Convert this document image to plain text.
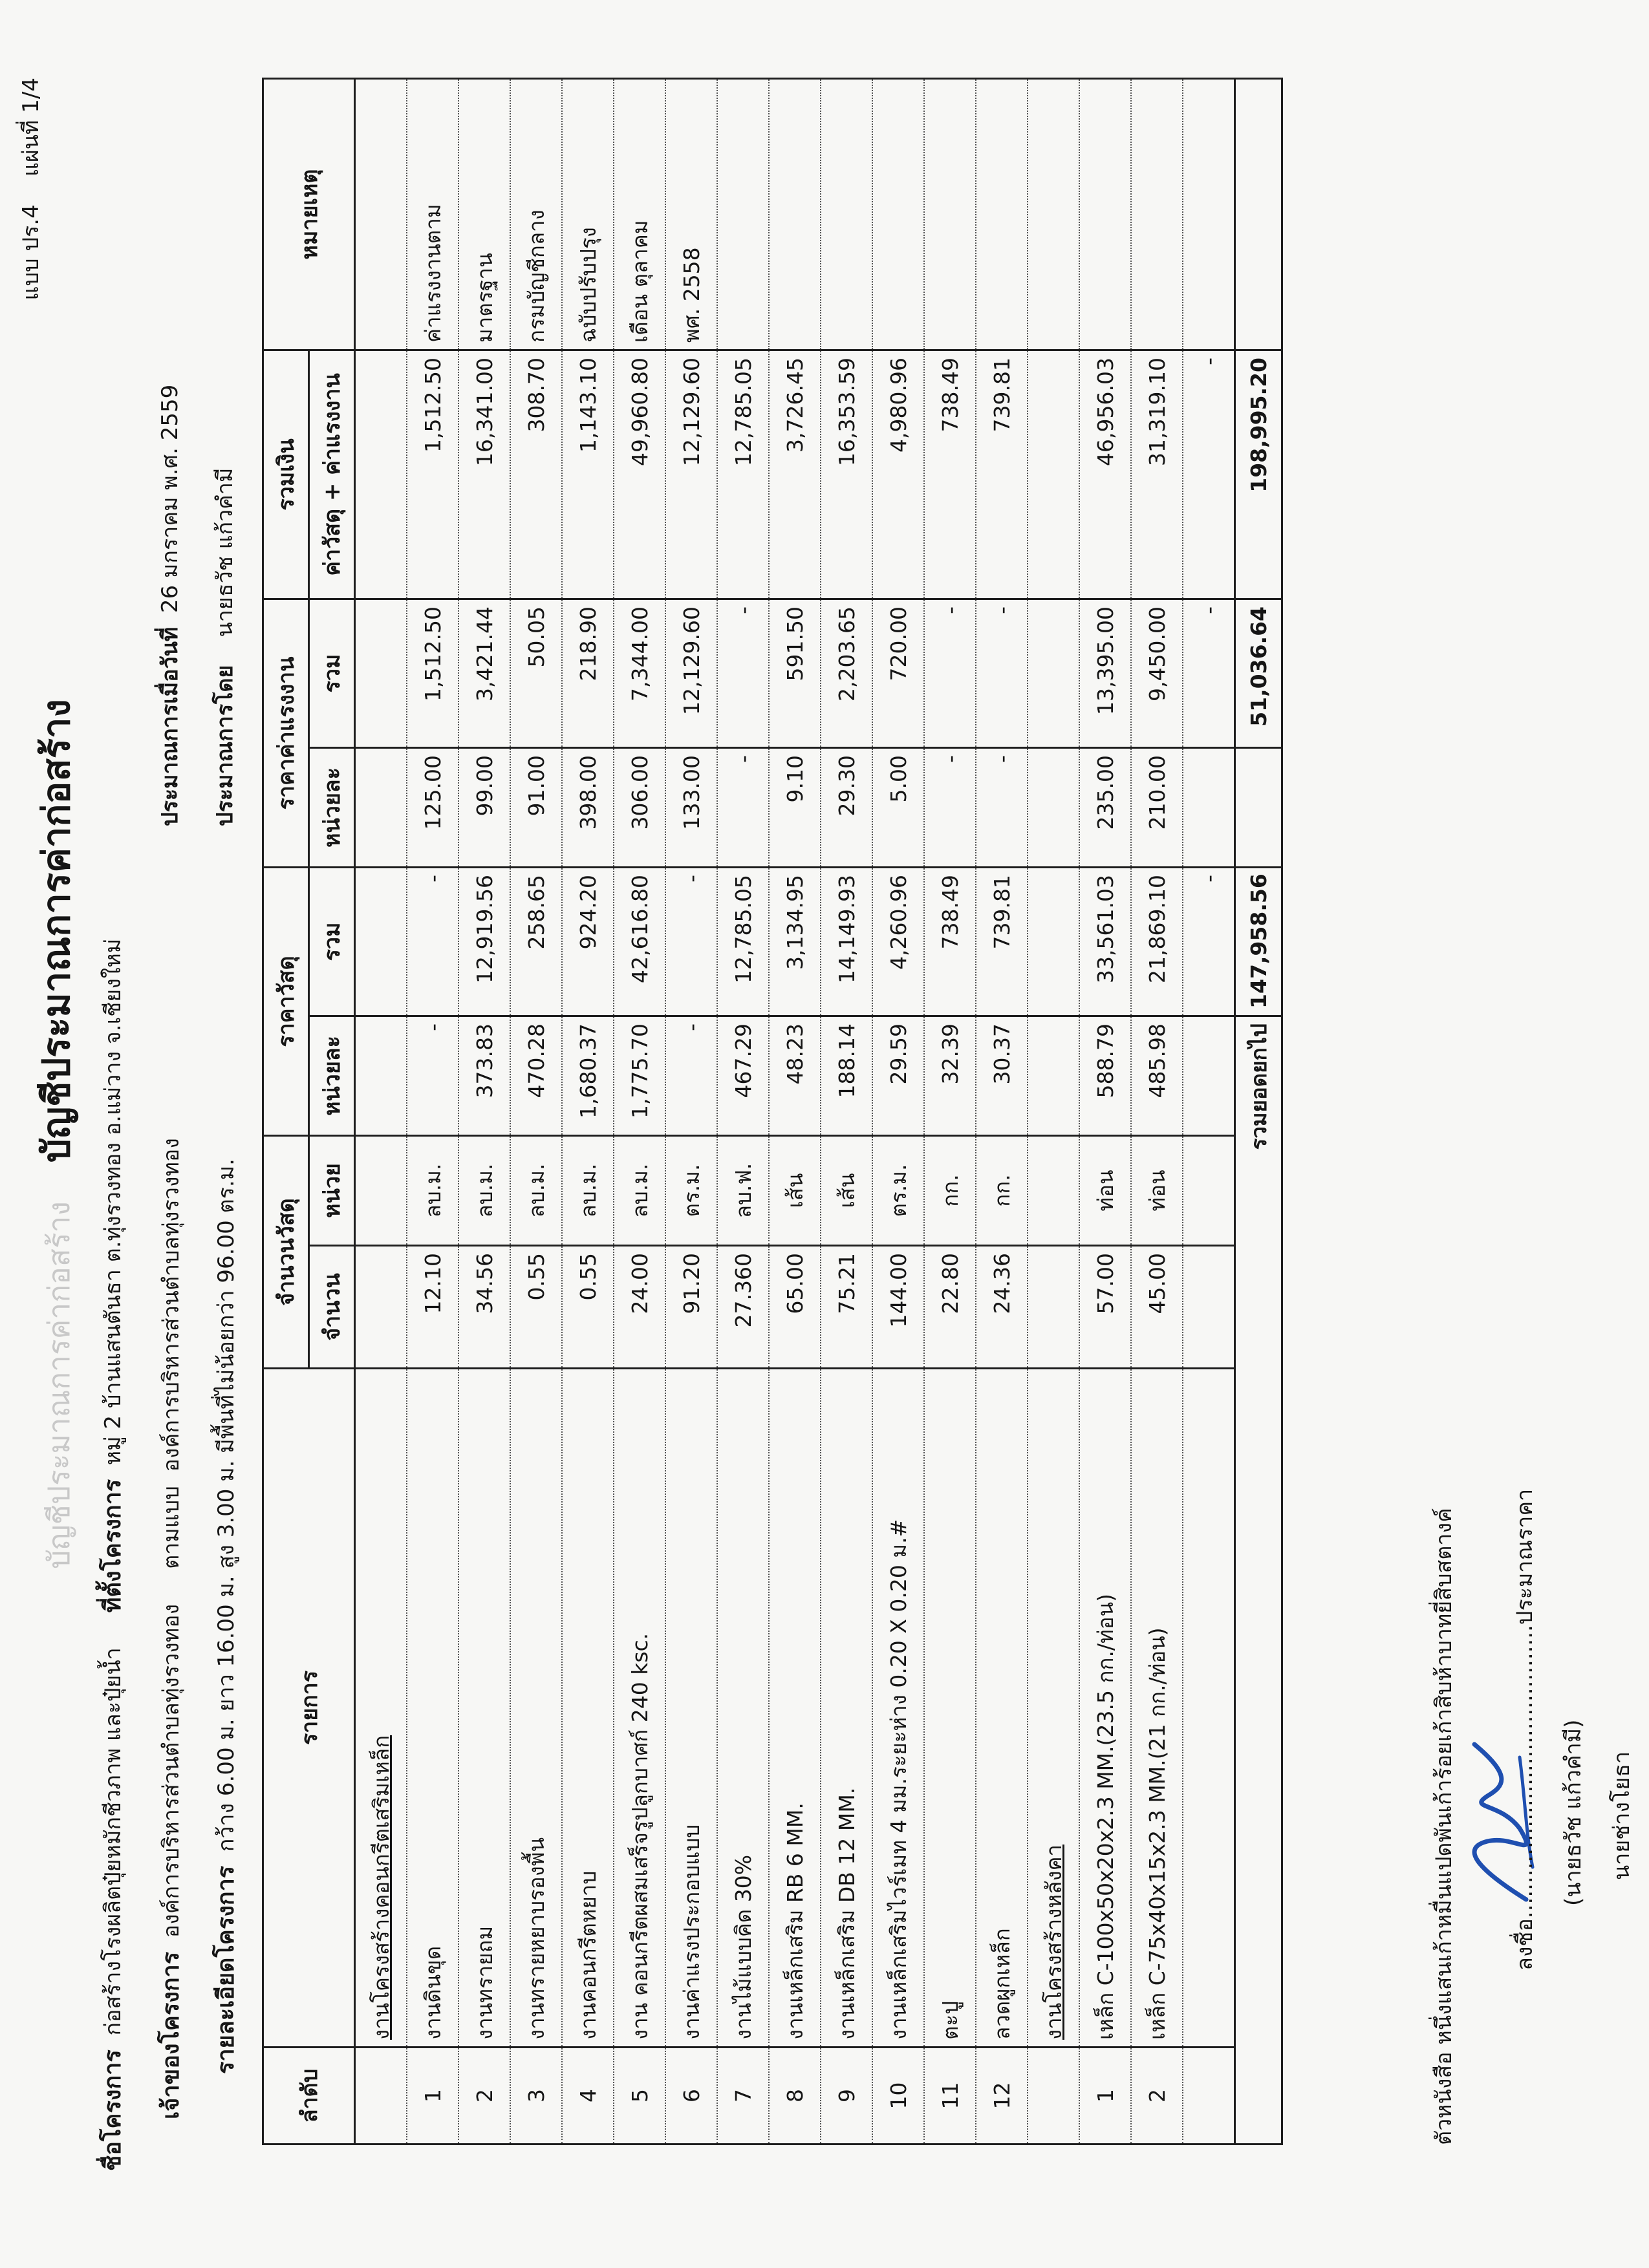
แบบ ปร.4    แผ่นที่ 1/4
บัญชีประมาณการค่าก่อสร้างบัญชีประมาณการค่าก่อสร้าง
ชื่อโครงการ  ก่อสร้างโรงผลิตปุ๋ยหมักชีวภาพ และปุ๋ยน้ำ     ที่ตั้งโครงการ  หมู่ 2 บ้านแสนตันธา ต.ทุ่งรวงทอง อ.แม่วาง จ.เชียงใหม่
เจ้าของโครงการ  องค์การบริหารส่วนตำบลทุ่งรวงทอง     ตามแบบ  องค์การบริหารส่วนตำบลทุ่งรวงทอง
ประมาณการเมื่อวันที่  26 มกราคม พ.ศ. 2559
รายละเอียดโครงการ  กว้าง 6.00 ม. ยาว 16.00 ม. สูง 3.00 ม. มีพื้นที่ไม่น้อยกว่า 96.00 ตร.ม.
ประมาณการโดย    นายธวัช แก้วคำมี
ลำดับ	รายการ	จำนวนวัสดุ		ราคาวัสดุ		ราคาค่าแรงงาน		รวมเงิน	หมายเหตุ
		จำนวน	หน่วย	หน่วยละ	รวม	หน่วยละ	รวม	ค่าวัสดุ + ค่าแรงงาน	
	งานโครงสร้างคอนกรีตเสริมเหล็ก								
1	งานดินขุด	12.10	ลบ.ม.	-	-	125.00	1,512.50	1,512.50	ค่าแรงงานตาม
2	งานทรายถม	34.56	ลบ.ม.	373.83	12,919.56	99.00	3,421.44	16,341.00	มาตรฐาน
3	งานทรายหยาบรองพื้น	0.55	ลบ.ม.	470.28	258.65	91.00	50.05	308.70	กรมบัญชีกลาง
4	งานคอนกรีตหยาบ	0.55	ลบ.ม.	1,680.37	924.20	398.00	218.90	1,143.10	ฉบับปรับปรุง
5	งาน คอนกรีตผสมเสร็จรูปลูกบาศก์ 240 ksc.	24.00	ลบ.ม.	1,775.70	42,616.80	306.00	7,344.00	49,960.80	เดือน ตุลาคม
6	งานค่าแรงประกอบแบบ	91.20	ตร.ม.	-	-	133.00	12,129.60	12,129.60	พศ. 2558
7	งานไม้แบบคิด 30%	27.360	ลบ.ฟ.	467.29	12,785.05	-	-	12,785.05	
8	งานเหล็กเสริม RB 6 MM.	65.00	เส้น	48.23	3,134.95	9.10	591.50	3,726.45	
9	งานเหล็กเสริม DB 12 MM.	75.21	เส้น	188.14	14,149.93	29.30	2,203.65	16,353.59	
10	งานเหล็กเสริมไวร์เมท 4 มม.ระยะห่าง 0.20 X 0.20 ม.#	144.00	ตร.ม.	29.59	4,260.96	5.00	720.00	4,980.96	
11	ตะปู	22.80	กก.	32.39	738.49	-	-	738.49	
12	ลวดผูกเหล็ก	24.36	กก.	30.37	739.81	-	-	739.81	
	งานโครงสร้างหลังคา								
1	เหล็ก C-100x50x20x2.3 MM.(23.5 กก./ท่อน)	57.00	ท่อน	588.79	33,561.03	235.00	13,395.00	46,956.03	
2	เหล็ก C-75x40x15x2.3 MM.(21 กก./ท่อน)	45.00	ท่อน	485.98	21,869.10	210.00	9,450.00	31,319.10	
					-		-	-	
รวมยอดยกไป					147,958.56		51,036.64	198,995.20	
ตัวหนังสือ หนึ่งแสนเก้าหมื่นแปดพันเก้าร้อยเก้าสิบห้าบาทยี่สิบสตางค์	ลงชื่อ..........................................ประมาณราคา
(นายธวัช แก้วคำมี) นายช่างโยธา
